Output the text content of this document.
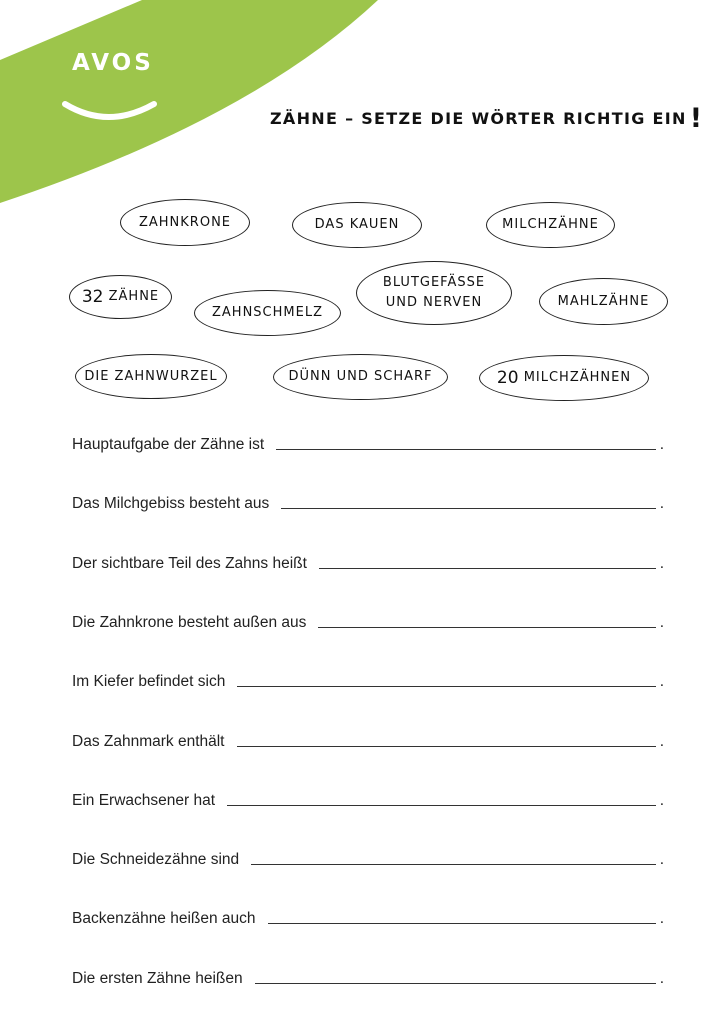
AVOS
ZÄHNE – SETZE DIE WÖRTER RICHTIG EIN !
ZAHNKRONE	DAS KAUEN	MILCHZÄHNE
32
ZÄHNE
ZAHNSCHMELZ
BLUTGEFÄSSE
UND NERVEN	MAHLZÄHNE
DIE ZAHNWURZEL	DÜNN UND SCHARF	20
MILCHZÄHNEN
Hauptaufgabe der Zähne ist	.
Das Milchgebiss besteht aus	.
Der sichtbare Teil des Zahns heißt	.
Die Zahnkrone besteht außen aus	.
Im Kiefer befindet sich	.
Das Zahnmark enthält	.
Ein Erwachsener hat	.
Die Schneidezähne sind	.
Backenzähne heißen auch	.
Die ersten Zähne heißen	.
